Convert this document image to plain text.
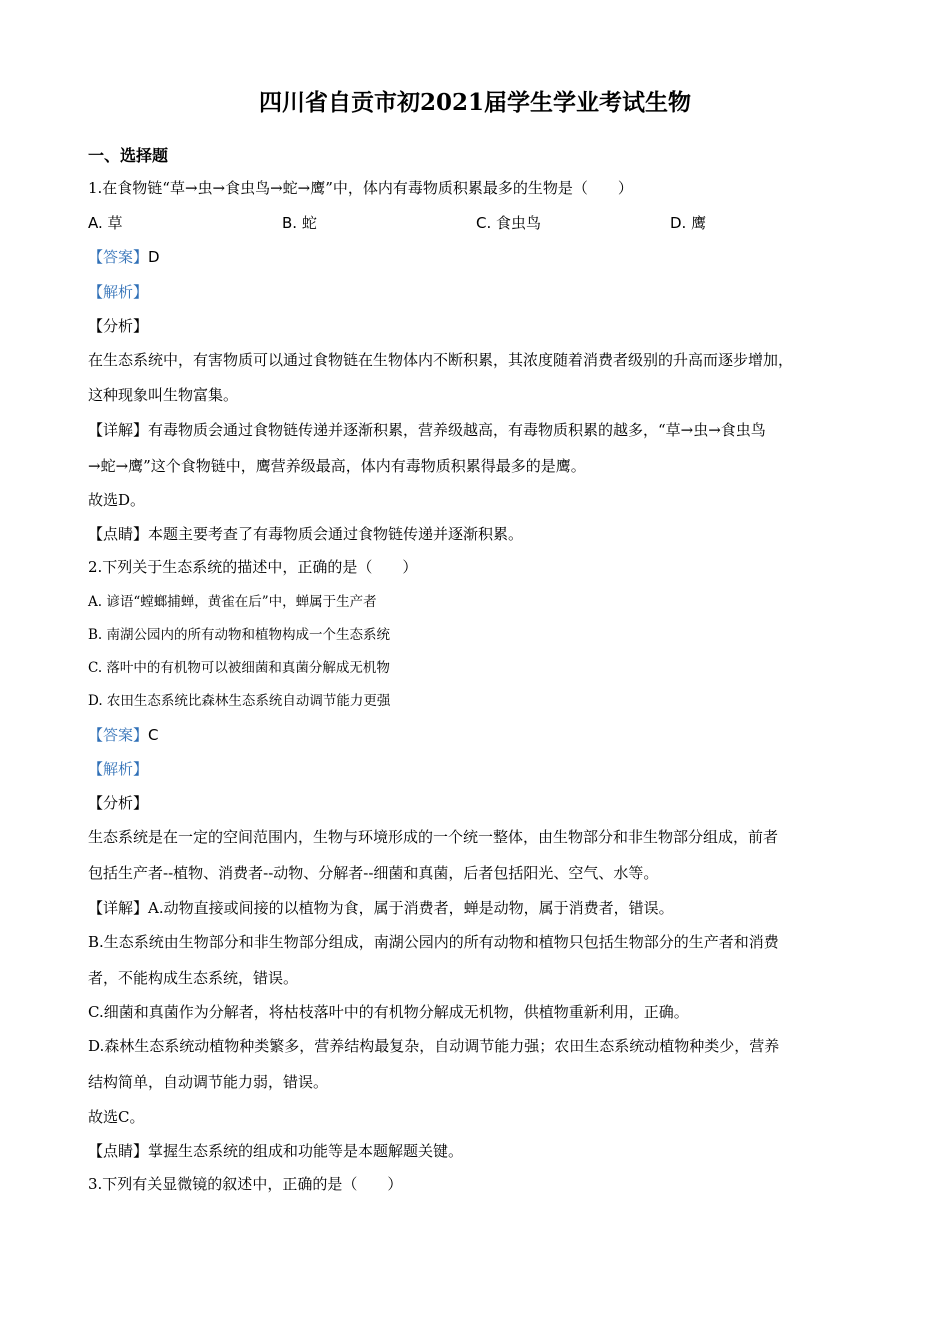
四川省自贡市初2021届学生学业考试生物
一、选择题
1.在食物链“草→虫→食虫鸟→蛇→鹰”中，体内有毒物质积累最多的生物是（　　）
A. 草	B. 蛇	C. 食虫鸟	D. 鹰
【答案】D
【解析】
【分析】
在生态系统中，有害物质可以通过食物链在生物体内不断积累，其浓度随着消费者级别的升高而逐步增加，
这种现象叫生物富集。
【详解】有毒物质会通过食物链传递并逐渐积累，营养级越高，有毒物质积累的越多，“草→虫→食虫鸟
→蛇→鹰”这个食物链中，鹰营养级最高，体内有毒物质积累得最多的是鹰。
故选D。
【点睛】本题主要考查了有毒物质会通过食物链传递并逐渐积累。
2.下列关于生态系统的描述中，正确的是（　　）
A. 谚语“螳螂捕蝉，黄雀在后”中，蝉属于生产者
B. 南湖公园内的所有动物和植物构成一个生态系统
C. 落叶中的有机物可以被细菌和真菌分解成无机物
D. 农田生态系统比森林生态系统自动调节能力更强
【答案】C
【解析】
【分析】
生态系统是在一定的空间范围内，生物与环境形成的一个统一整体，由生物部分和非生物部分组成，前者
包括生产者--植物、消费者--动物、分解者--细菌和真菌，后者包括阳光、空气、水等。
【详解】A.动物直接或间接的以植物为食，属于消费者，蝉是动物，属于消费者，错误。
B.生态系统由生物部分和非生物部分组成，南湖公园内的所有动物和植物只包括生物部分的生产者和消费
者，不能构成生态系统，错误。
C.细菌和真菌作为分解者，将枯枝落叶中的有机物分解成无机物，供植物重新利用，正确。
D.森林生态系统动植物种类繁多，营养结构最复杂，自动调节能力强；农田生态系统动植物种类少，营养
结构简单，自动调节能力弱，错误。
故选C。
【点睛】掌握生态系统的组成和功能等是本题解题关键。
3.下列有关显微镜的叙述中，正确的是（　　）
